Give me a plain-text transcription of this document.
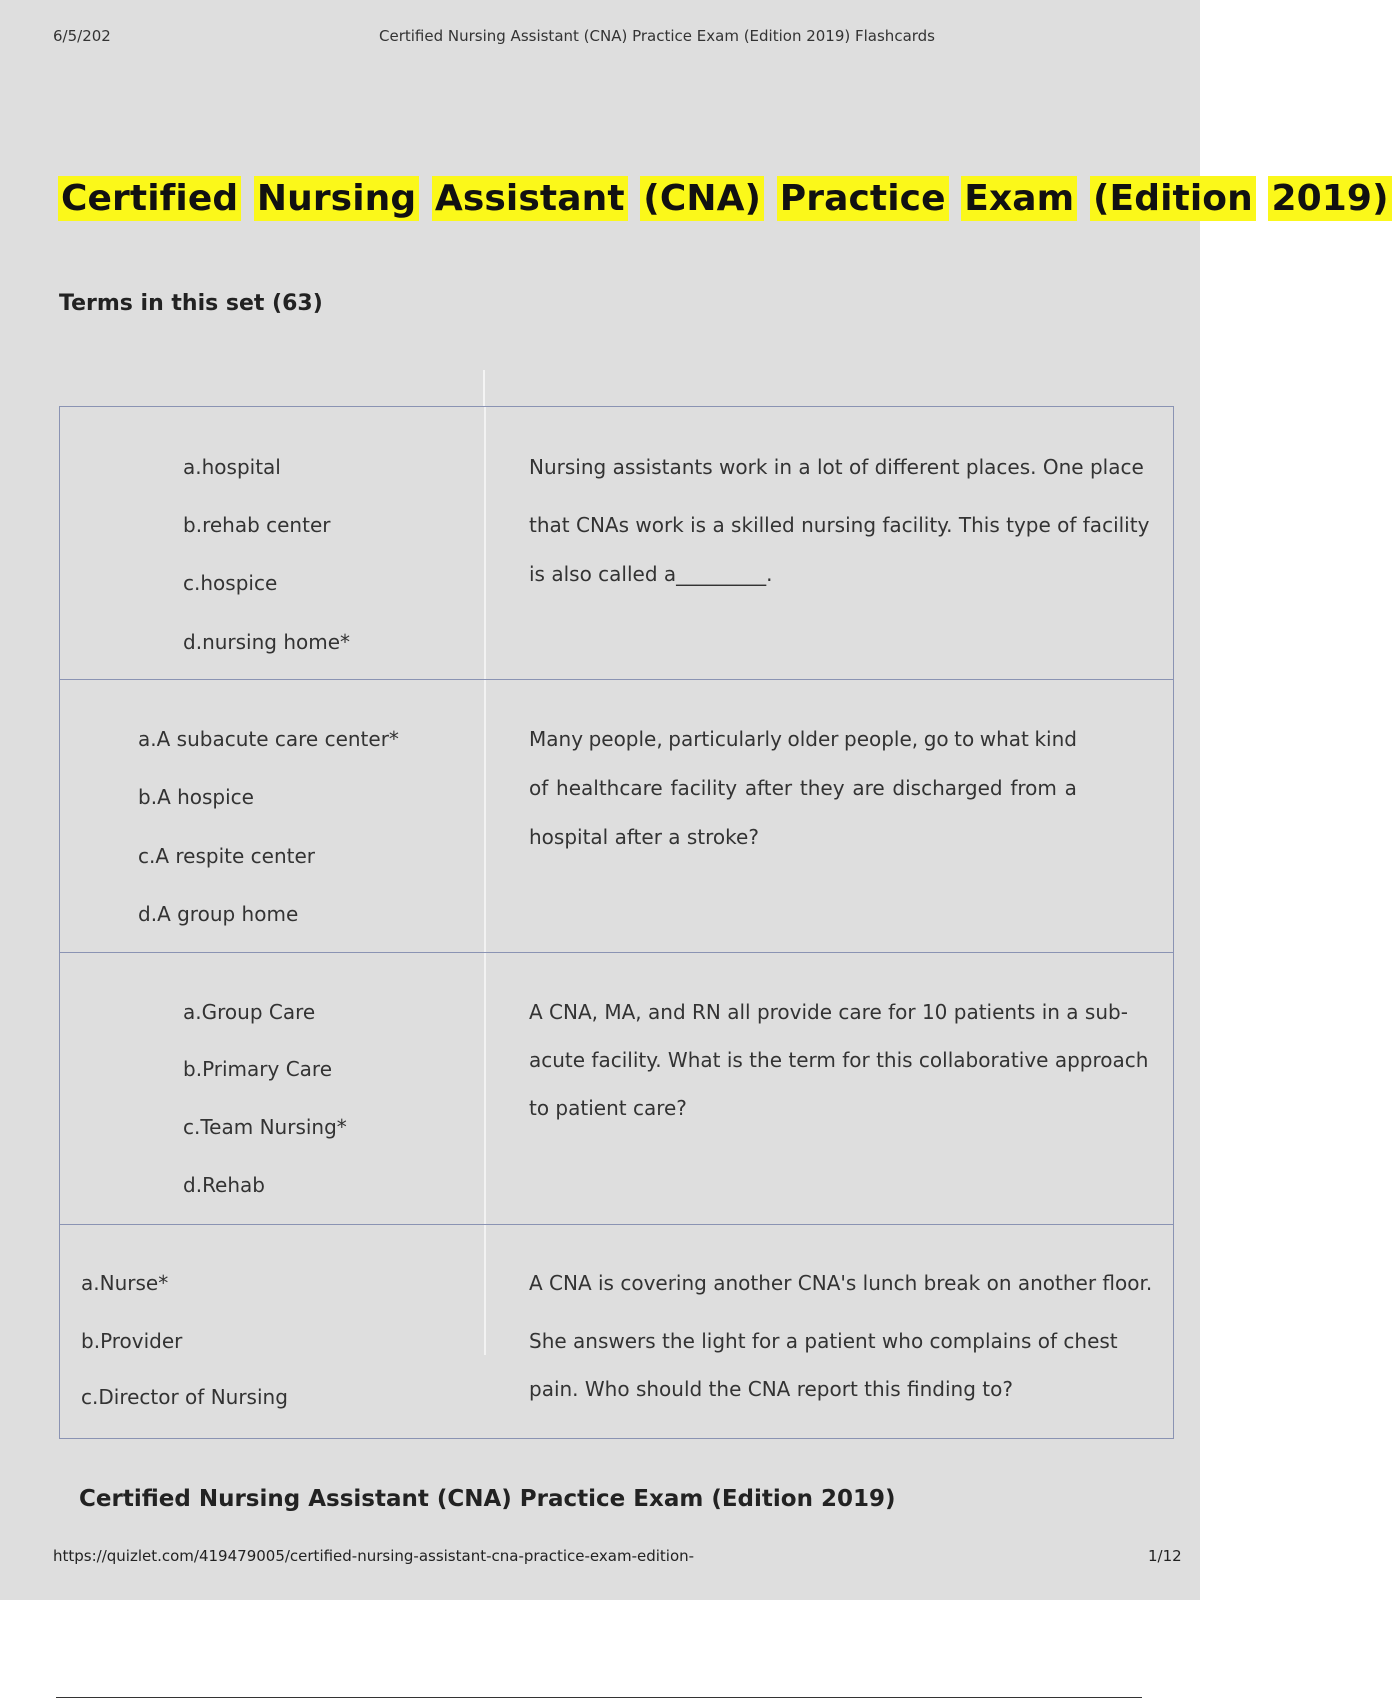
6/5/202	Certified Nursing Assistant (CNA) Practice Exam (Edition 2019) Flashcards
Certified Nursing Assistant (CNA) Practice Exam (Edition 2019)
Terms in this set (63)
a.hospital
b.rehab center
c.hospice
d.nursing home*
Nursing assistants work in a lot of different places. One place
that CNAs work is a skilled nursing facility. This type of facility
is also called a_________.
a.A subacute care center*
b.A hospice
c.A respite center
d.A group home
Many people, particularly older people, go to what kind
of healthcare facility after they are discharged from a
hospital after a stroke?
a.Group Care
b.Primary Care
c.Team Nursing*
d.Rehab
A CNA, MA, and RN all provide care for 10 patients in a sub-
acute facility. What is the term for this collaborative approach
to patient care?
a.Nurse*
b.Provider
c.Director of Nursing
A CNA is covering another CNA's lunch break on another floor.
She answers the light for a patient who complains of chest
pain. Who should the CNA report this finding to?
Certified Nursing Assistant (CNA) Practice Exam (Edition 2019)
https://quizlet.com/419479005/certified-nursing-assistant-cna-practice-exam-edition-	1/12
